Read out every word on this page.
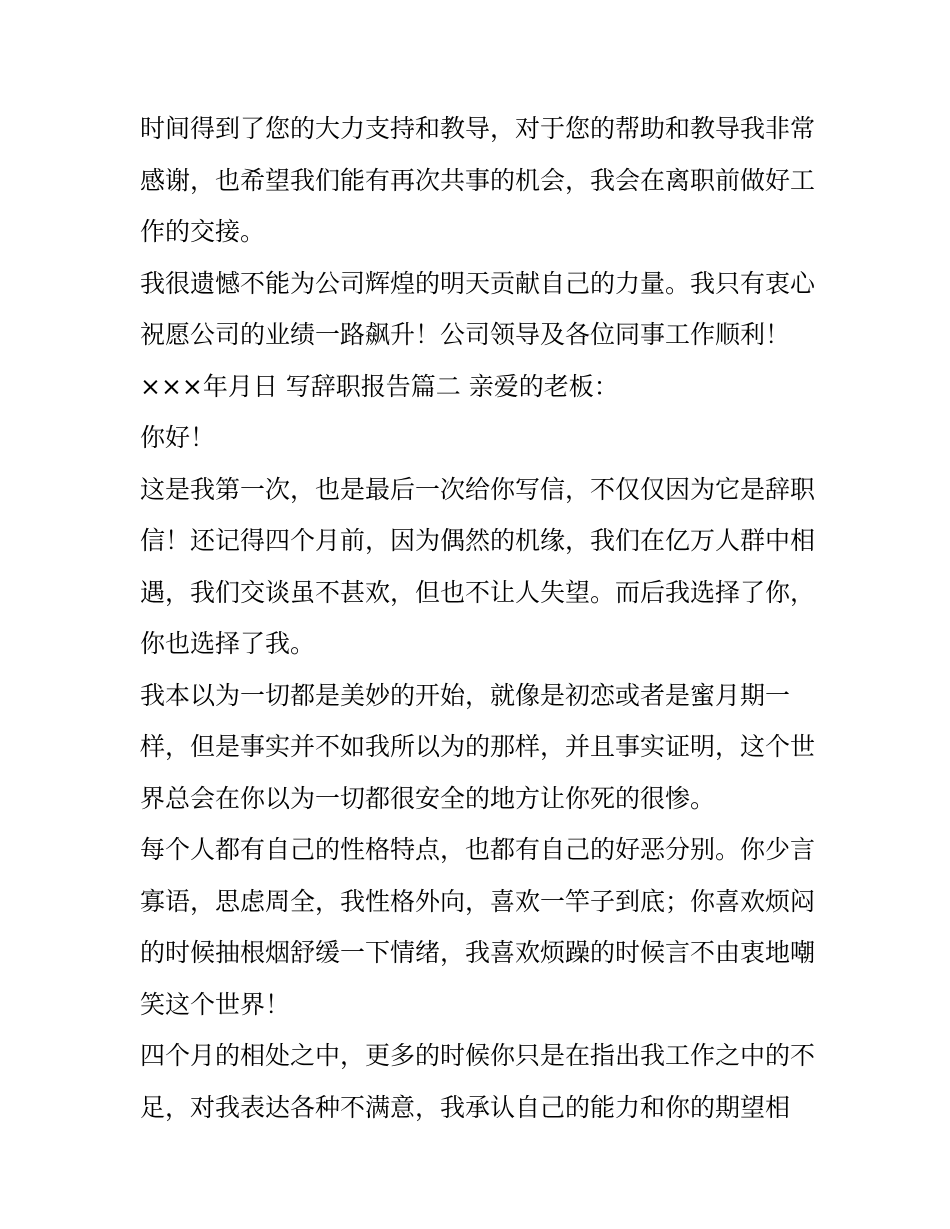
时间得到了您的大力支持和教导，对于您的帮助和教导我非常
感谢，也希望我们能有再次共事的机会，我会在离职前做好工
作的交接。
我很遗憾不能为公司辉煌的明天贡献自己的力量。我只有衷心
祝愿公司的业绩一路飙升！公司领导及各位同事工作顺利！
×××年月日 写辞职报告篇二 亲爱的老板：
你好！
这是我第一次，也是最后一次给你写信，不仅仅因为它是辞职
信！还记得四个月前，因为偶然的机缘，我们在亿万人群中相
遇，我们交谈虽不甚欢，但也不让人失望。而后我选择了你，
你也选择了我。
我本以为一切都是美妙的开始，就像是初恋或者是蜜月期一
样，但是事实并不如我所以为的那样，并且事实证明，这个世
界总会在你以为一切都很安全的地方让你死的很惨。
每个人都有自己的性格特点，也都有自己的好恶分别。你少言
寡语，思虑周全，我性格外向，喜欢一竿子到底；你喜欢烦闷
的时候抽根烟舒缓一下情绪，我喜欢烦躁的时候言不由衷地嘲
笑这个世界！
四个月的相处之中，更多的时候你只是在指出我工作之中的不
足，对我表达各种不满意，我承认自己的能力和你的期望相
